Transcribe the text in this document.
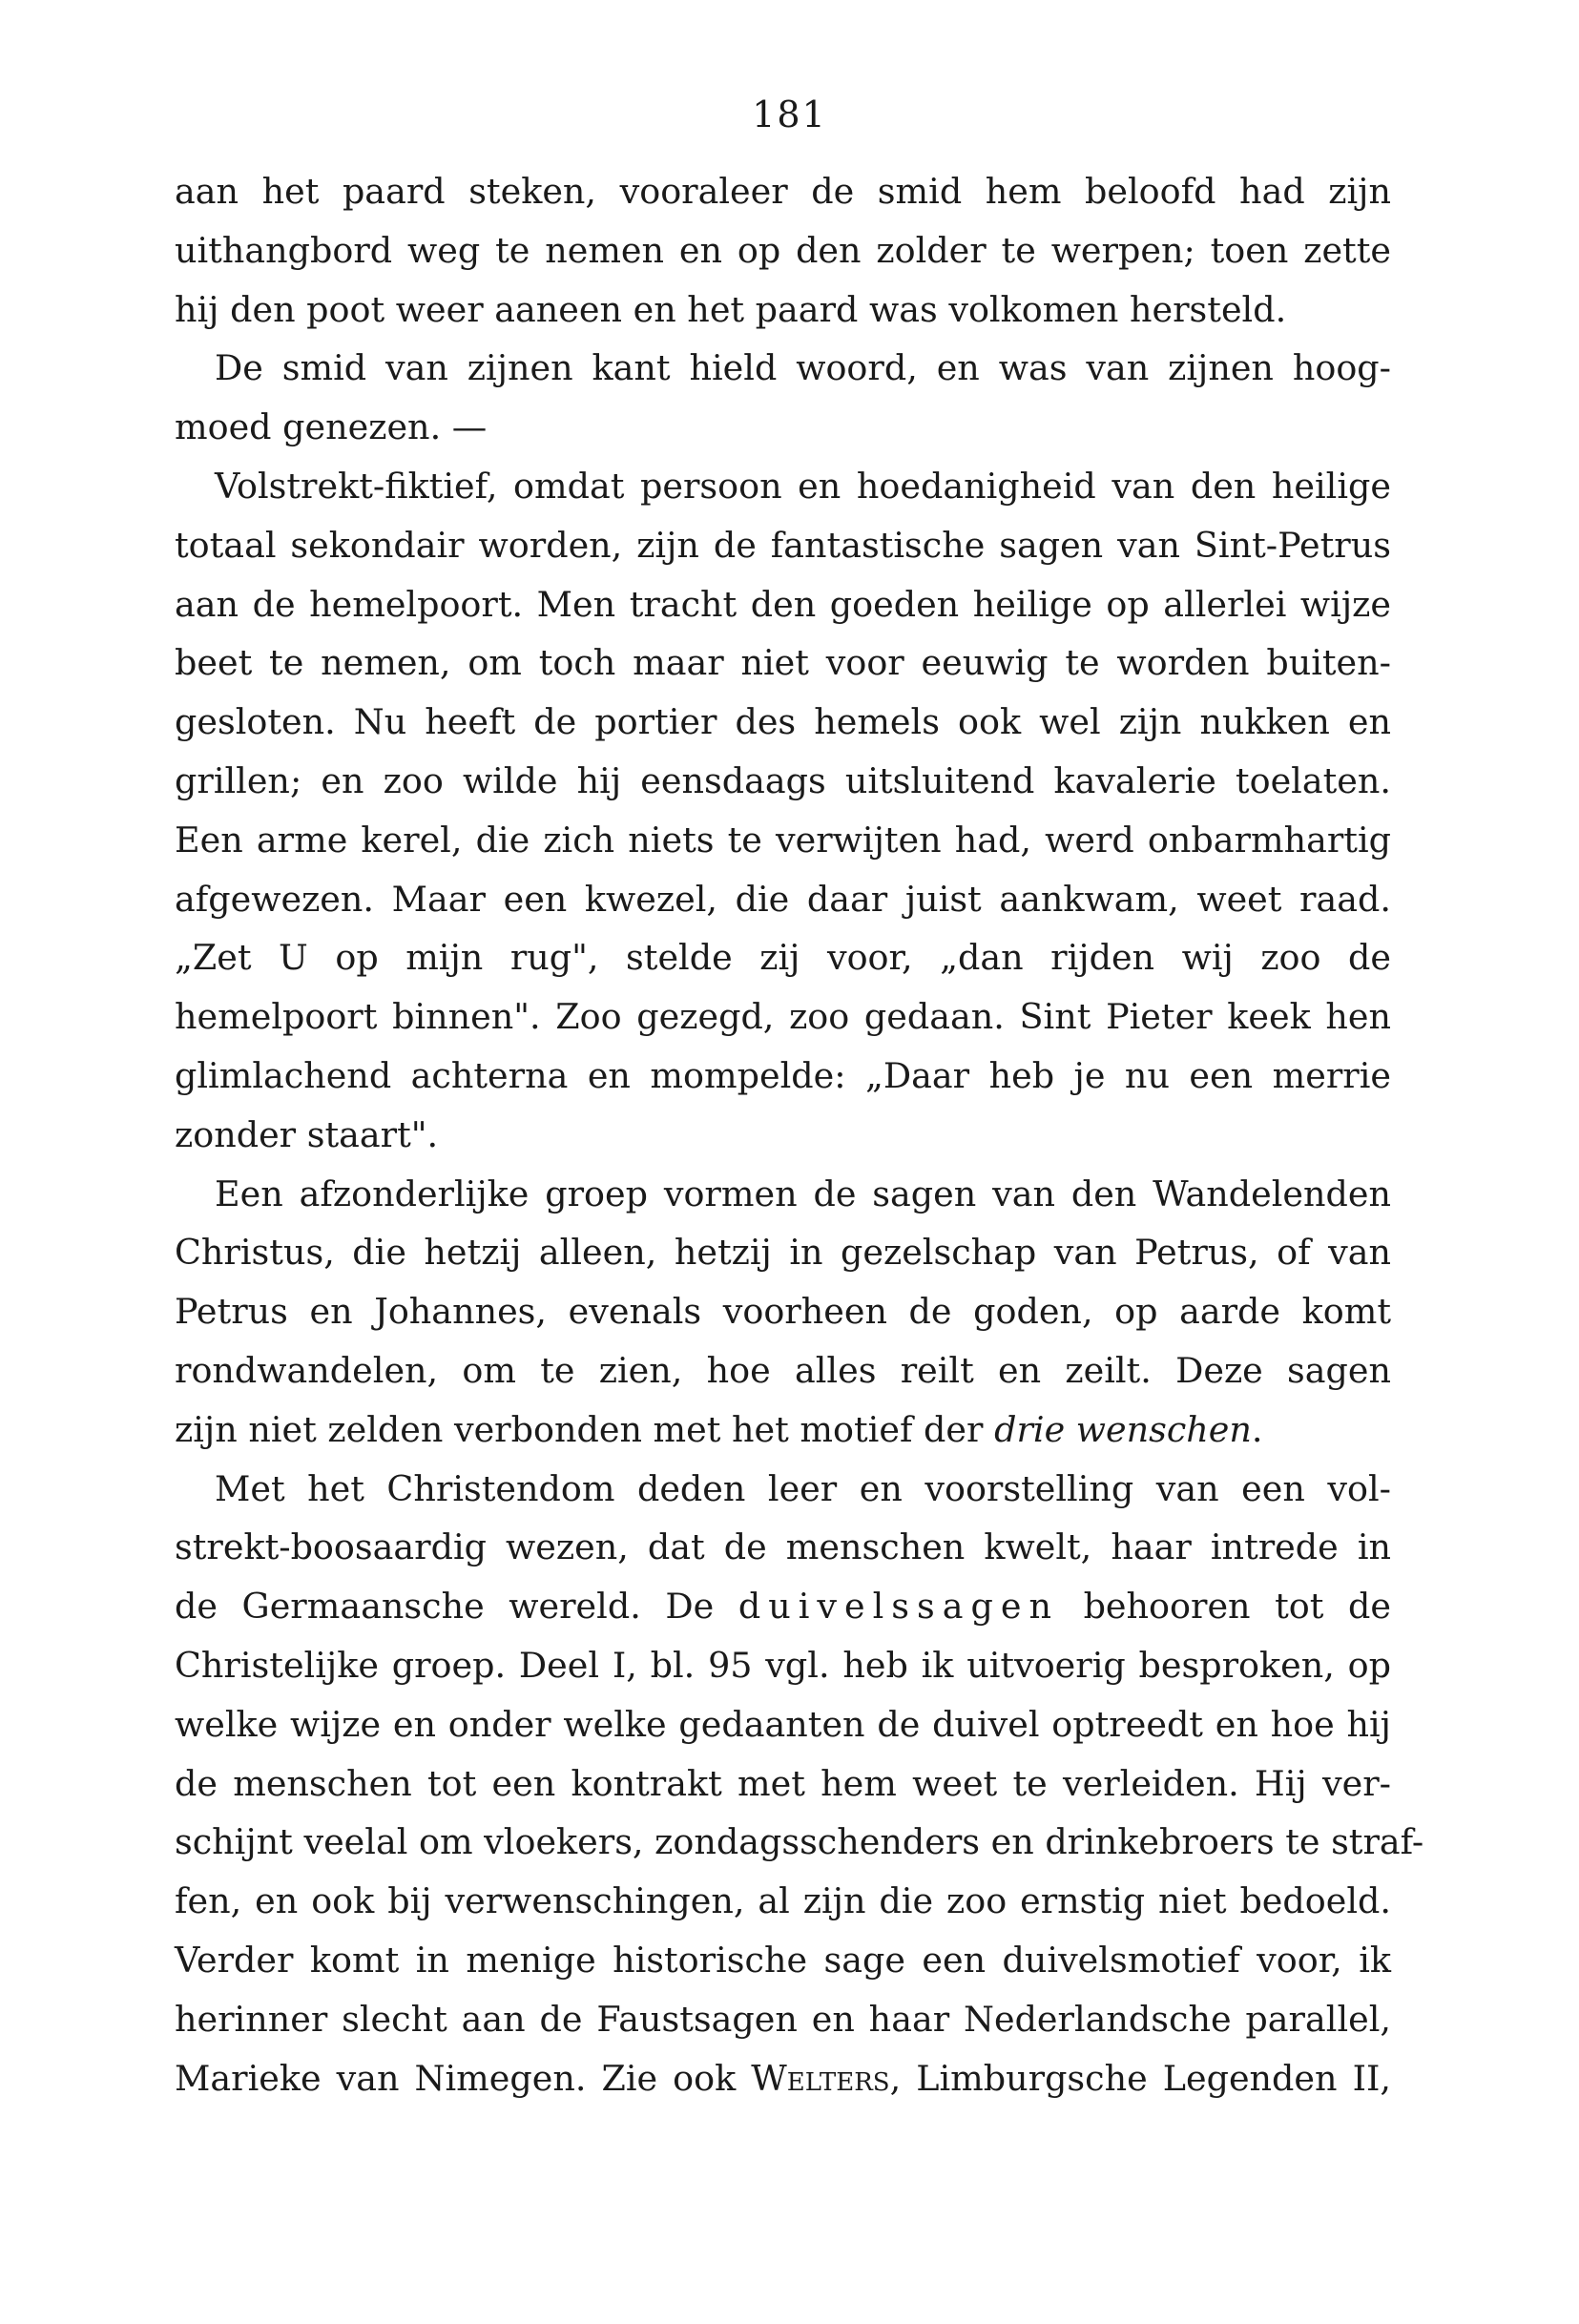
181
aan het paard steken, vooraleer de smid hem beloofd had zijn
uithangbord weg te nemen en op den zolder te werpen; toen zette
hij den poot weer aaneen en het paard was volkomen hersteld.
De smid van zijnen kant hield woord, en was van zijnen hoog-
moed genezen. —
Volstrekt-fiktief, omdat persoon en hoedanigheid van den heilige
totaal sekondair worden, zijn de fantastische sagen van Sint-Petrus
aan de hemelpoort. Men tracht den goeden heilige op allerlei wijze
beet te nemen, om toch maar niet voor eeuwig te worden buiten-
gesloten. Nu heeft de portier des hemels ook wel zijn nukken en
grillen; en zoo wilde hij eensdaags uitsluitend kavalerie toelaten.
Een arme kerel, die zich niets te verwijten had, werd onbarmhartig
afgewezen. Maar een kwezel, die daar juist aankwam, weet raad.
„Zet U op mijn rug", stelde zij voor, „dan rijden wij zoo de
hemelpoort binnen". Zoo gezegd, zoo gedaan. Sint Pieter keek hen
glimlachend achterna en mompelde: „Daar heb je nu een merrie
zonder staart".
Een afzonderlijke groep vormen de sagen van den Wandelenden
Christus, die hetzij alleen, hetzij in gezelschap van Petrus, of van
Petrus en Johannes, evenals voorheen de goden, op aarde komt
rondwandelen, om te zien, hoe alles reilt en zeilt. Deze sagen
zijn niet zelden verbonden met het motief der drie wenschen.
Met het Christendom deden leer en voorstelling van een vol-
strekt-boosaardig wezen, dat de menschen kwelt, haar intrede in
de Germaansche wereld. De duivelssagen behooren tot de
Christelijke groep. Deel I, bl. 95 vgl. heb ik uitvoerig besproken, op
welke wijze en onder welke gedaanten de duivel optreedt en hoe hij
de menschen tot een kontrakt met hem weet te verleiden. Hij ver-
schijnt veelal om vloekers, zondagsschenders en drinkebroers te straf-
fen, en ook bij verwenschingen, al zijn die zoo ernstig niet bedoeld.
Verder komt in menige historische sage een duivelsmotief voor, ik
herinner slecht aan de Faustsagen en haar Nederlandsche parallel,
Marieke van Nimegen. Zie ook Welters, Limburgsche Legenden II,
